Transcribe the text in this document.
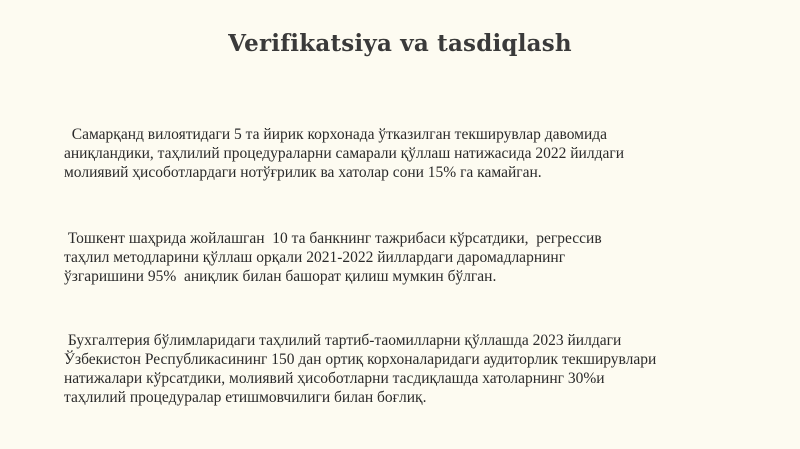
Verifikatsiya va tasdiqlash

Самарқанд вилоятидаги 5 та йирик корхонада ўтказилган текширувлар давомида
аниқландики, таҳлилий процедураларни самарали қўллаш натижасида 2022 йилдаги
молиявий ҳисоботлардаги нотўғрилик ва хатолар сони 15% га камайган.

Тошкент шаҳрида жойлашган  10 та банкнинг тажрибаси кўрсатдики,  регрессив
таҳлил методларини қўллаш орқали 2021-2022 йиллардаги даромадларнинг
ўзгаришини 95%  аниқлик билан башорат қилиш мумкин бўлган.

Бухгалтерия бўлимларидаги таҳлилий тартиб-таомилларни қўллашда 2023 йилдаги
Ўзбекистон Республикасининг 150 дан ортиқ корхоналаридаги аудиторлик текширувлари
натижалари кўрсатдики, молиявий ҳисоботларни тасдиқлашда хатоларнинг 30%и
таҳлилий процедуралар етишмовчилиги билан боғлиқ.
